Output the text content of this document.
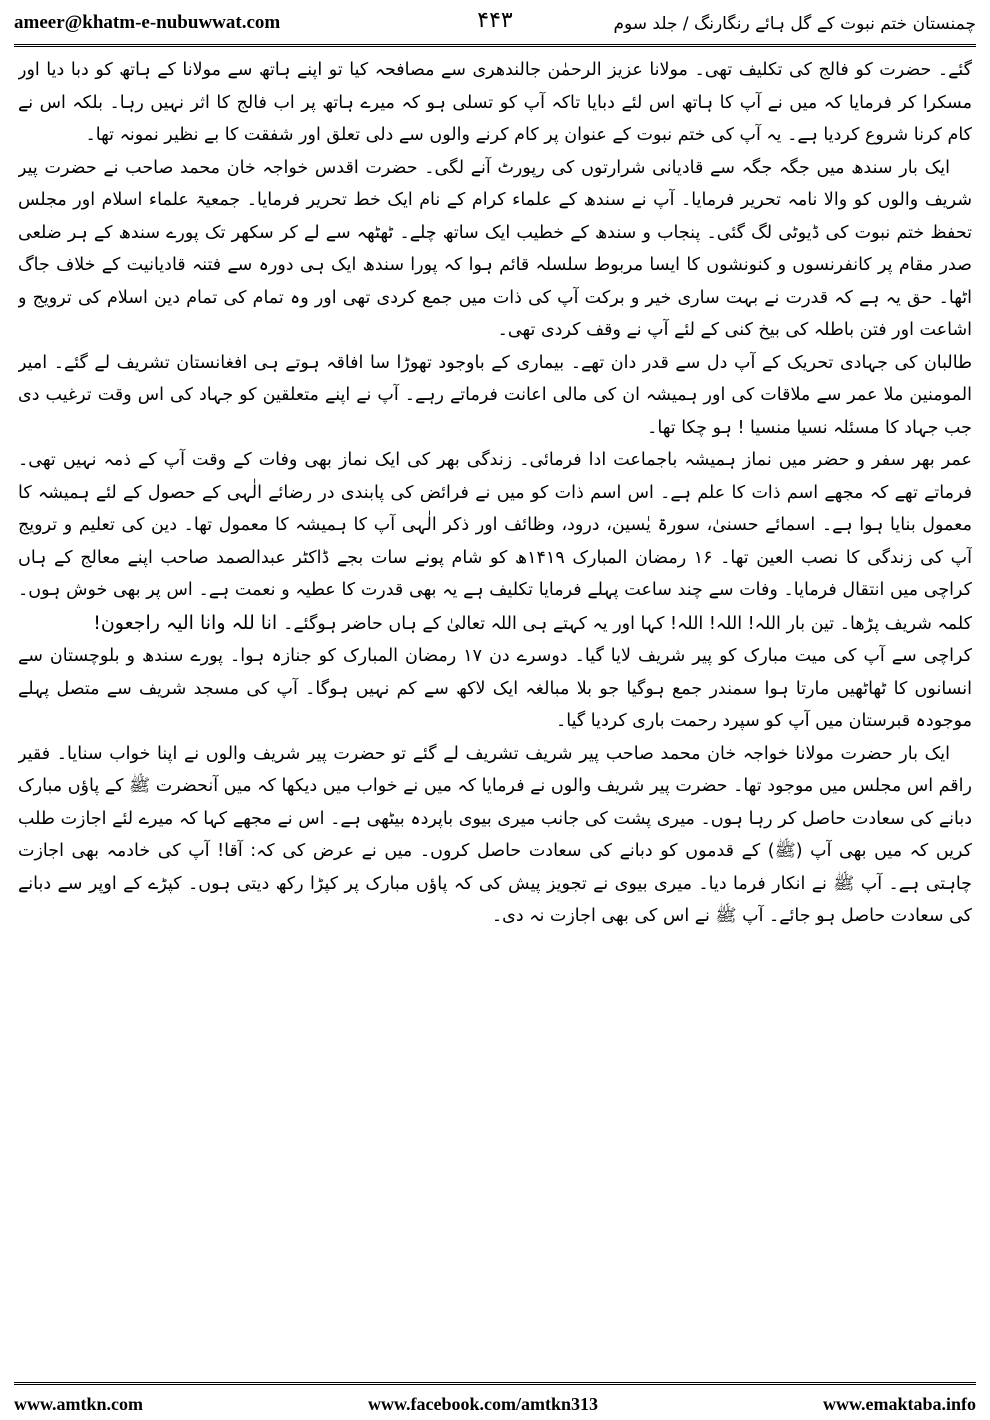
ameer@khatm-e-nubuwwat.com	۴۴۳	چمنستان ختم نبوت کے گل ہائے رنگارنگ / جلد سوم

گئے۔ حضرت کو فالج کی تکلیف تھی۔ مولانا عزیز الرحمٰن جالندھری سے مصافحہ کیا تو اپنے ہاتھ سے مولانا کے ہاتھ کو دبا دیا اور مسکرا کر فرمایا کہ میں نے آپ کا ہاتھ اس لئے دبایا تاکہ آپ کو تسلی ہو کہ میرے ہاتھ پر اب فالج کا اثر نہیں رہا۔ بلکہ اس نے کام کرنا شروع کردیا ہے۔ یہ آپ کی ختم نبوت کے عنوان پر کام کرنے والوں سے دلی تعلق اور شفقت کا بے نظیر نمونہ تھا۔

ایک بار سندھ میں جگہ جگہ سے قادیانی شرارتوں کی رپورٹ آنے لگی۔ حضرت اقدس خواجہ خان محمد صاحب نے حضرت پیر شریف والوں کو والا نامہ تحریر فرمایا۔ آپ نے سندھ کے علماء کرام کے نام ایک خط تحریر فرمایا۔ جمعیۃ علماء اسلام اور مجلس تحفظ ختم نبوت کی ڈیوٹی لگ گئی۔ پنجاب و سندھ کے خطیب ایک ساتھ چلے۔ ٹھٹھہ سے لے کر سکھر تک پورے سندھ کے ہر ضلعی صدر مقام پر کانفرنسوں و کنونشوں کا ایسا مربوط سلسلہ قائم ہوا کہ پورا سندھ ایک ہی دورہ سے فتنہ قادیانیت کے خلاف جاگ اٹھا۔ حق یہ ہے کہ قدرت نے بہت ساری خیر و برکت آپ کی ذات میں جمع کردی تھی اور وہ تمام کی تمام دین اسلام کی ترویج و اشاعت اور فتن باطلہ کی بیخ کنی کے لئے آپ نے وقف کردی تھی۔

طالبان کی جہادی تحریک کے آپ دل سے قدر دان تھے۔ بیماری کے باوجود تھوڑا سا افاقہ ہوتے ہی افغانستان تشریف لے گئے۔ امیر المومنین ملا عمر سے ملاقات کی اور ہمیشہ ان کی مالی اعانت فرماتے رہے۔ آپ نے اپنے متعلقین کو جہاد کی اس وقت ترغیب دی جب جہاد کا مسئلہ نسیا منسیا ! ہو چکا تھا۔

عمر بھر سفر و حضر میں نماز ہمیشہ باجماعت ادا فرمائی۔ زندگی بھر کی ایک نماز بھی وفات کے وقت آپ کے ذمہ نہیں تھی۔ فرماتے تھے کہ مجھے اسم ذات کا علم ہے۔ اس اسم ذات کو میں نے فرائض کی پابندی در رضائے الٰہی کے حصول کے لئے ہمیشہ کا معمول بنایا ہوا ہے۔ اسمائے حسنیٰ، سورۃ یٰسین، درود، وظائف اور ذکر الٰہی آپ کا ہمیشہ کا معمول تھا۔ دین کی تعلیم و ترویج آپ کی زندگی کا نصب العین تھا۔ ۱۶ رمضان المبارک ۱۴۱۹ھ کو شام پونے سات بجے ڈاکٹر عبدالصمد صاحب اپنے معالج کے ہاں کراچی میں انتقال فرمایا۔ وفات سے چند ساعت پہلے فرمایا تکلیف ہے یہ بھی قدرت کا عطیہ و نعمت ہے۔ اس پر بھی خوش ہوں۔ کلمہ شریف پڑھا۔ تین بار اللہ! اللہ! اللہ! کہا اور یہ کہتے ہی اللہ تعالیٰ کے ہاں حاضر ہوگئے۔انا للہ وانا الیہ راجعون!

کراچی سے آپ کی میت مبارک کو پیر شریف لایا گیا۔ دوسرے دن ۱۷ رمضان المبارک کو جنازہ ہوا۔ پورے سندھ و بلوچستان سے انسانوں کا ٹھاٹھیں مارتا ہوا سمندر جمع ہوگیا جو بلا مبالغہ ایک لاکھ سے کم نہیں ہوگا۔ آپ کی مسجد شریف سے متصل پہلے موجودہ قبرستان میں آپ کو سپرد رحمت باری کردیا گیا۔

ایک بار حضرت مولانا خواجہ خان محمد صاحب پیر شریف تشریف لے گئے تو حضرت پیر شریف والوں نے اپنا خواب سنایا۔ فقیر راقم اس مجلس میں موجود تھا۔ حضرت پیر شریف والوں نے فرمایا کہ میں نے خواب میں دیکھا کہ میں آنحضرت ﷺ کے پاؤں مبارک دبانے کی سعادت حاصل کر رہا ہوں۔ میری پشت کی جانب میری بیوی باپردہ بیٹھی ہے۔ اس نے مجھے کہا کہ میرے لئے اجازت طلب کریں کہ میں بھی آپ (ﷺ) کے قدموں کو دبانے کی سعادت حاصل کروں۔ میں نے عرض کی کہ: آقا! آپ کی خادمہ بھی اجازت چاہتی ہے۔ آپ ﷺ نے انکار فرما دیا۔ میری بیوی نے تجویز پیش کی کہ پاؤں مبارک پر کپڑا رکھ دیتی ہوں۔ کپڑے کے اوپر سے دبانے کی سعادت حاصل ہو جائے۔ آپ ﷺ نے اس کی بھی اجازت نہ دی۔

www.amtkn.com	www.facebook.com/amtkn313	www.emaktaba.info
